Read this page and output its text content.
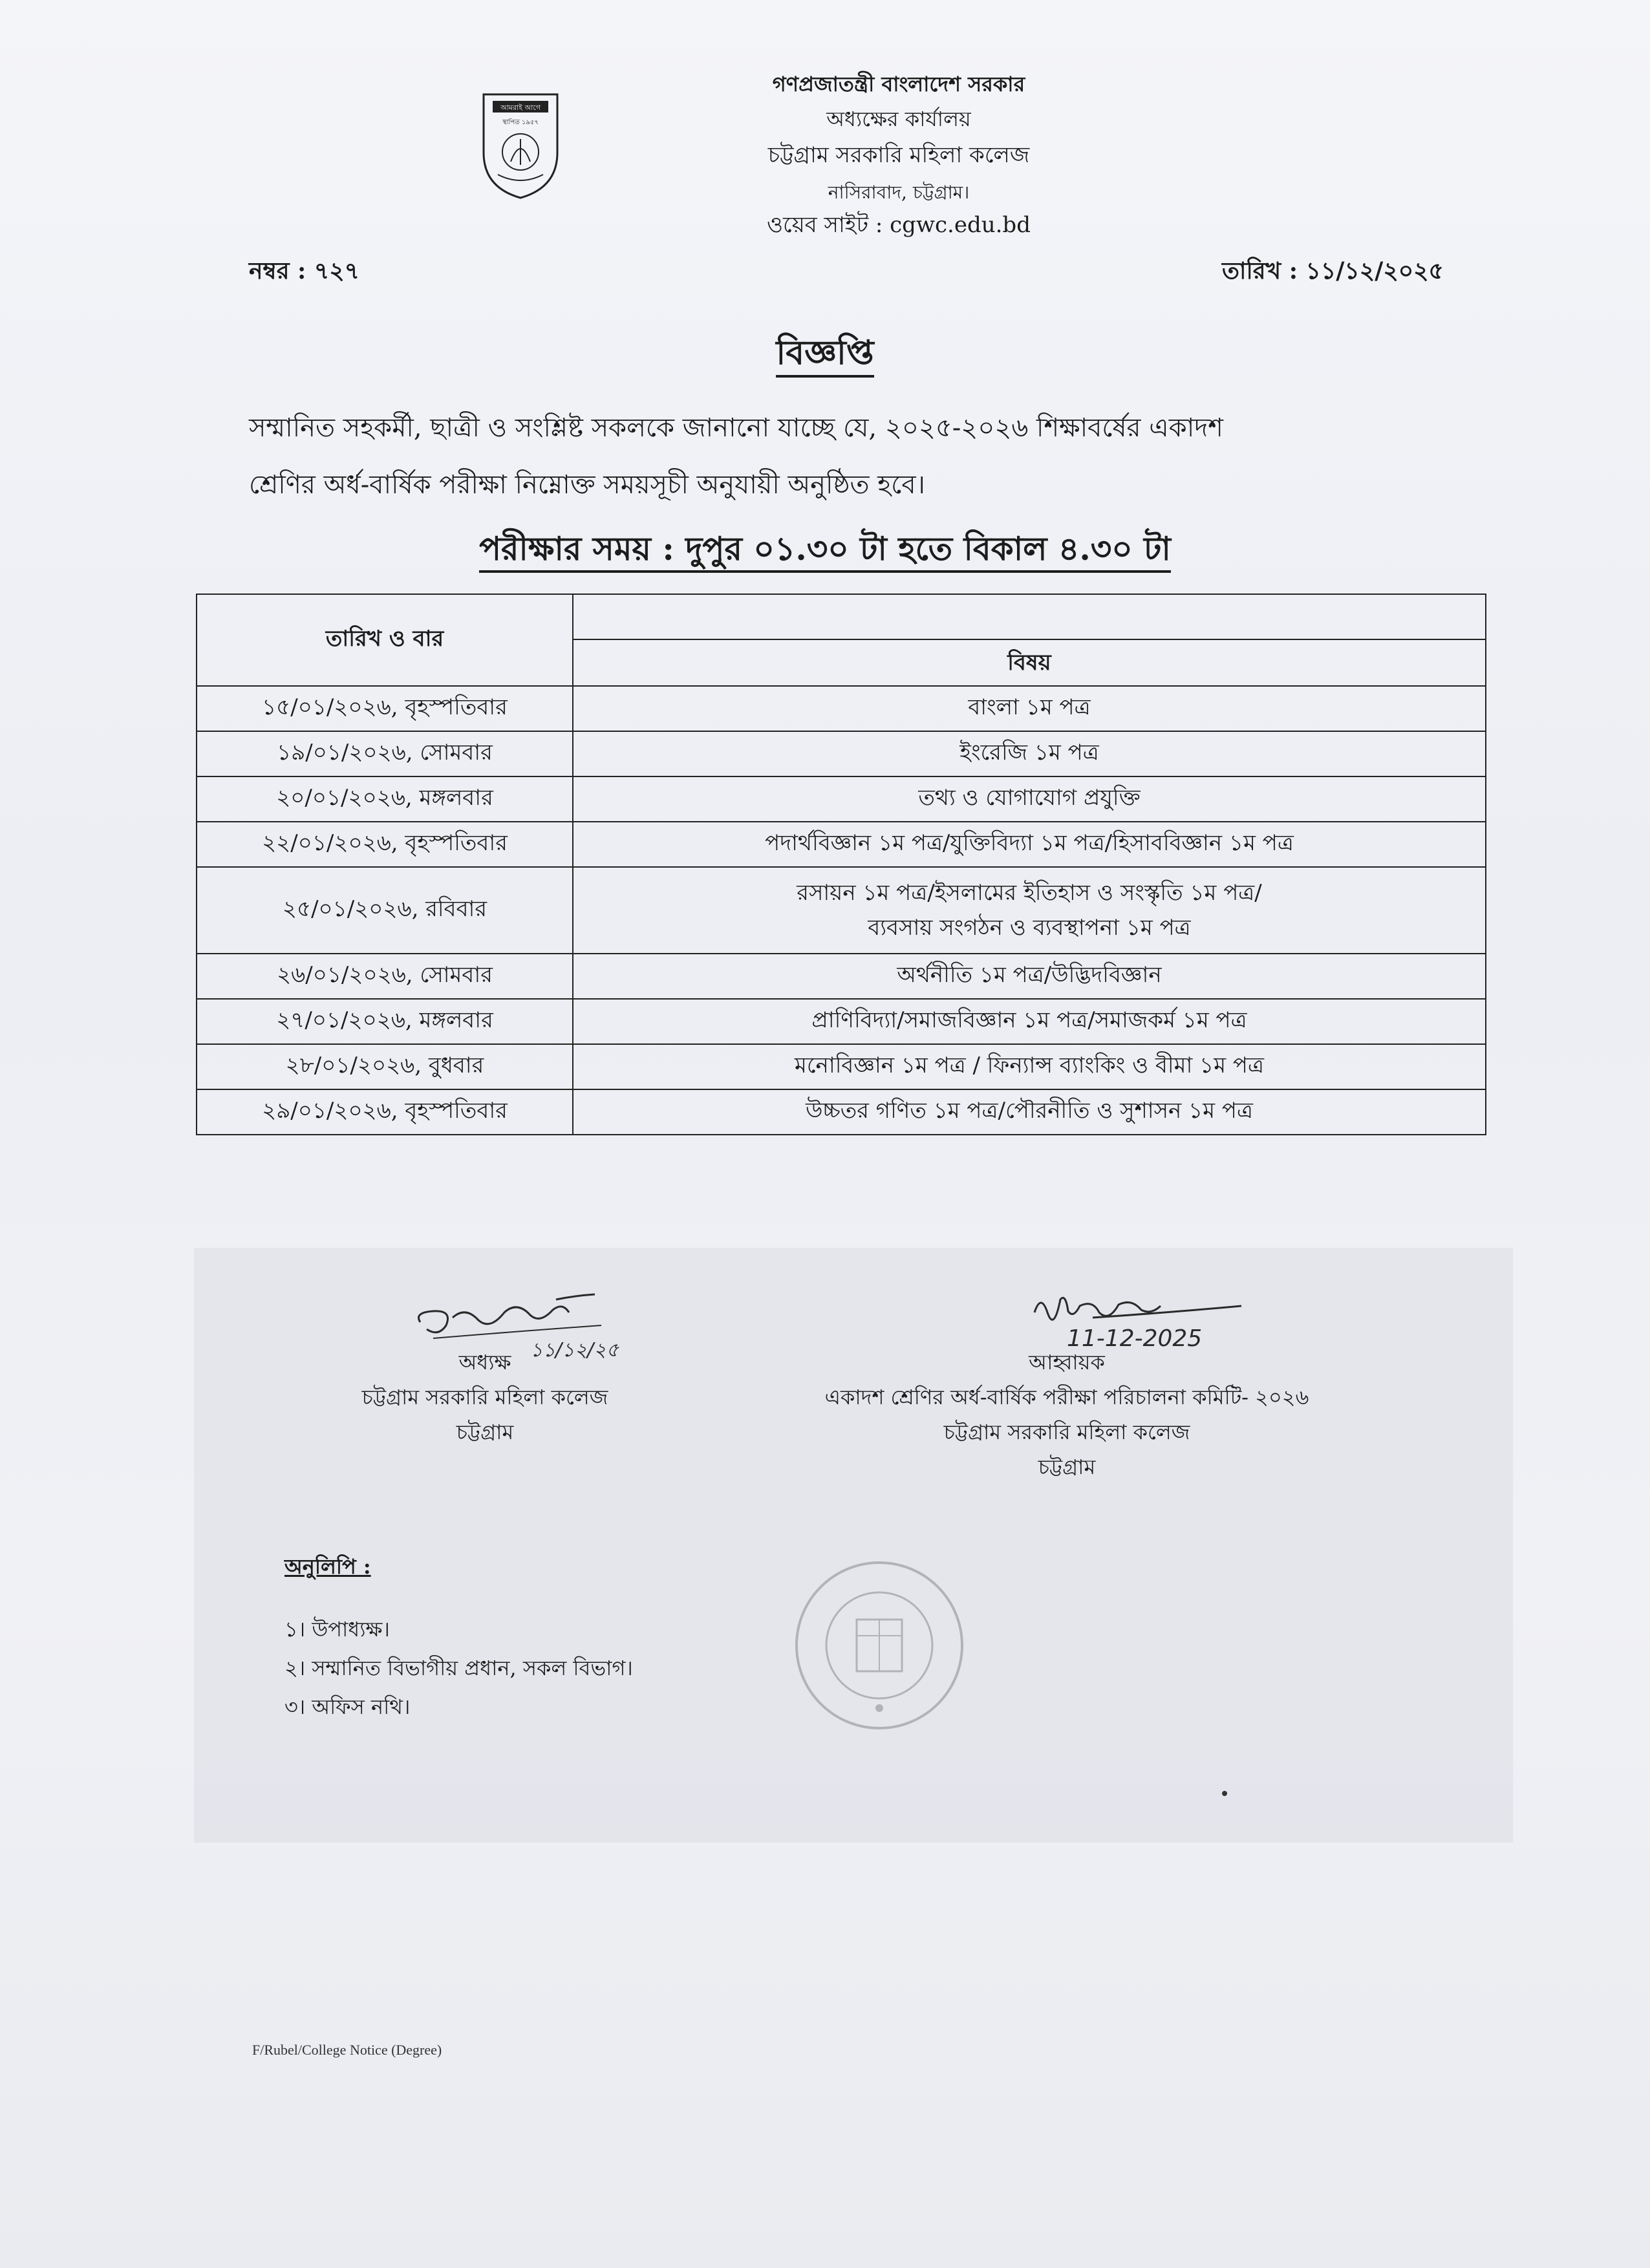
আমরাই আগে
স্থাপিত ১৯৫৭
গণপ্রজাতন্ত্রী বাংলাদেশ সরকার
অধ্যক্ষের কার্যালয়
চট্টগ্রাম সরকারি মহিলা কলেজ
নাসিরাবাদ, চট্টগ্রাম।
ওয়েব সাইট : cgwc.edu.bd
নম্বর : ৭২৭	তারিখ : ১১/১২/২০২৫
বিজ্ঞপ্তি
সম্মানিত সহকর্মী, ছাত্রী ও সংশ্লিষ্ট সকলকে জানানো যাচ্ছে যে, ২০২৫-২০২৬ শিক্ষাবর্ষের একাদশ
শ্রেণির অর্ধ-বার্ষিক পরীক্ষা নিম্নোক্ত সময়সূচী অনুযায়ী অনুষ্ঠিত হবে।
পরীক্ষার সময় : দুপুর ০১.৩০ টা হতে বিকাল ৪.৩০ টা
তারিখ ও বার	বিষয়

১৫/০১/২০২৬, বৃহস্পতিবার	বাংলা ১ম পত্র
১৯/০১/২০২৬, সোমবার	ইংরেজি ১ম পত্র
২০/০১/২০২৬, মঙ্গলবার	তথ্য ও যোগাযোগ প্রযুক্তি
২২/০১/২০২৬, বৃহস্পতিবার	পদার্থবিজ্ঞান ১ম পত্র/যুক্তিবিদ্যা ১ম পত্র/হিসাববিজ্ঞান ১ম পত্র
২৫/০১/২০২৬, রবিবার	রসায়ন ১ম পত্র/ইসলামের ইতিহাস ও সংস্কৃতি ১ম পত্র/
ব্যবসায় সংগঠন ও ব্যবস্থাপনা ১ম পত্র

২৬/০১/২০২৬, সোমবার	অর্থনীতি ১ম পত্র/উদ্ভিদবিজ্ঞান
২৭/০১/২০২৬, মঙ্গলবার	প্রাণিবিদ্যা/সমাজবিজ্ঞান ১ম পত্র/সমাজকর্ম ১ম পত্র
২৮/০১/২০২৬, বুধবার	মনোবিজ্ঞান ১ম পত্র / ফিন্যান্স ব্যাংকিং ও বীমা ১ম পত্র
২৯/০১/২০২৬, বৃহস্পতিবার	উচ্চতর গণিত ১ম পত্র/পৌরনীতি ও সুশাসন ১ম পত্র
১১/১২/২৫
অধ্যক্ষ
চট্টগ্রাম সরকারি মহিলা কলেজ
চট্টগ্রাম
11-12-2025
আহ্বায়ক
একাদশ শ্রেণির অর্ধ-বার্ষিক পরীক্ষা পরিচালনা কমিটি- ২০২৬
চট্টগ্রাম সরকারি মহিলা কলেজ
চট্টগ্রাম
অনুলিপি :
১। উপাধ্যক্ষ।
২। সম্মানিত বিভাগীয় প্রধান, সকল বিভাগ।
৩। অফিস নথি।
F/Rubel/College Notice (Degree)
